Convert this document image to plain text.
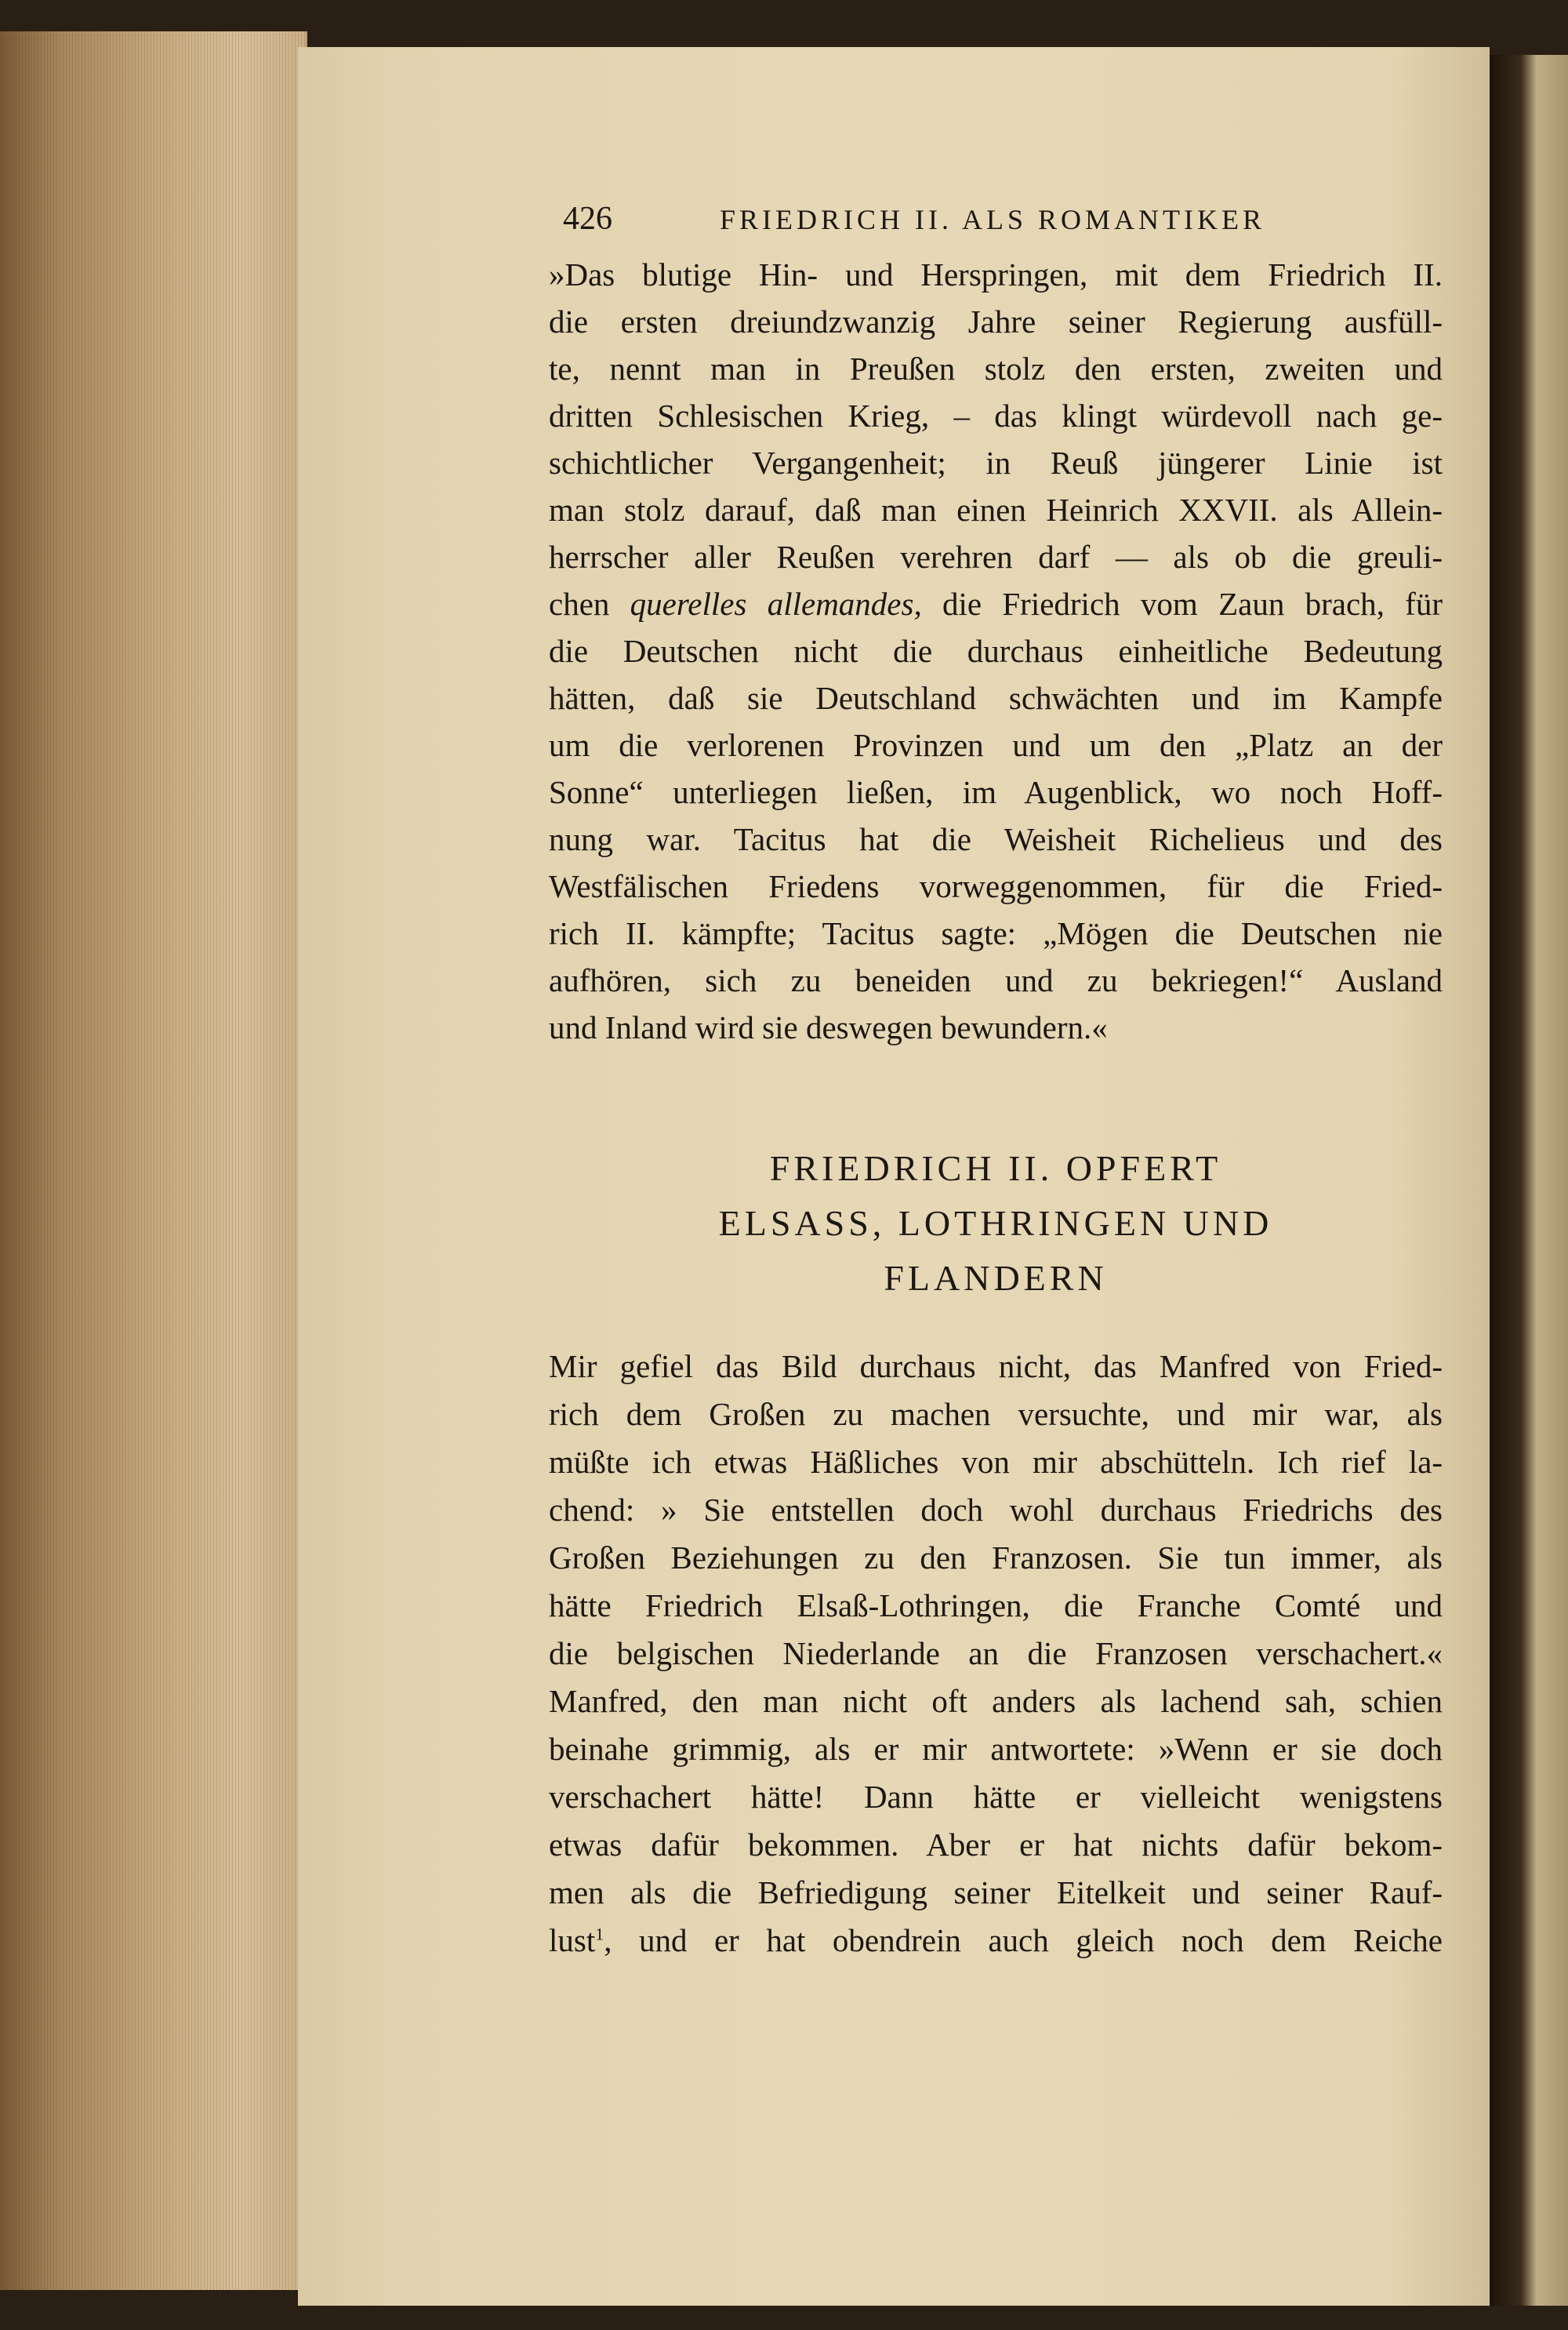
426	FRIEDRICH II. ALS ROMANTIKER
»Das blutige Hin- und Herspringen, mit dem Friedrich II.
die ersten dreiundzwanzig Jahre seiner Regierung ausfüll-
te, nennt man in Preußen stolz den ersten, zweiten und
dritten Schlesischen Krieg, – das klingt würdevoll nach ge-
schichtlicher Vergangenheit; in Reuß jüngerer Linie ist
man stolz darauf, daß man einen Heinrich XXVII. als Allein-
herrscher aller Reußen verehren darf — als ob die greuli-
chen querelles allemandes, die Friedrich vom Zaun brach, für
die Deutschen nicht die durchaus einheitliche Bedeutung
hätten, daß sie Deutschland schwächten und im Kampfe
um die verlorenen Provinzen und um den „Platz an der
Sonne“ unterliegen ließen, im Augenblick, wo noch Hoff-
nung war. Tacitus hat die Weisheit Richelieus und des
Westfälischen Friedens vorweggenommen, für die Fried-
rich II. kämpfte; Tacitus sagte: „Mögen die Deutschen nie
aufhören, sich zu beneiden und zu bekriegen!“ Ausland
und Inland wird sie deswegen bewundern.«
FRIEDRICH II. OPFERT
ELSASS, LOTHRINGEN UND
FLANDERN
Mir gefiel das Bild durchaus nicht, das Manfred von Fried-
rich dem Großen zu machen versuchte, und mir war, als
müßte ich etwas Häßliches von mir abschütteln. Ich rief la-
chend: » Sie entstellen doch wohl durchaus Friedrichs des
Großen Beziehungen zu den Franzosen. Sie tun immer, als
hätte Friedrich Elsaß-Lothringen, die Franche Comté und
die belgischen Niederlande an die Franzosen verschachert.«
Manfred, den man nicht oft anders als lachend sah, schien
beinahe grimmig, als er mir antwortete: »Wenn er sie doch
verschachert hätte! Dann hätte er vielleicht wenigstens
etwas dafür bekommen. Aber er hat nichts dafür bekom-
men als die Befriedigung seiner Eitelkeit und seiner Rauf-
lust$^1$, und er hat obendrein auch gleich noch dem Reiche
